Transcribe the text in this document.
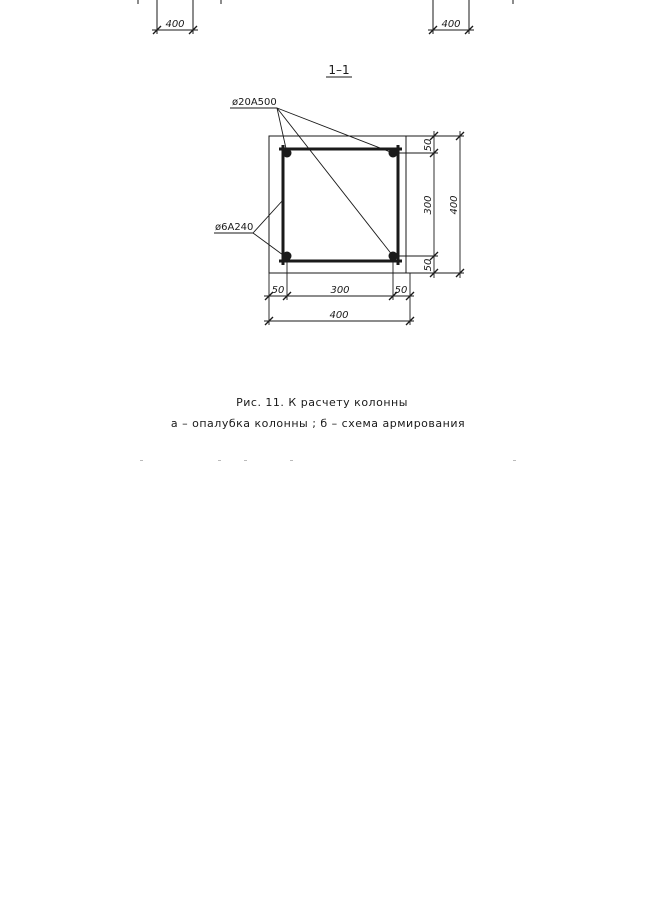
400	400
1–1
ø20А500
ø6А240
50	300	50
400
50
300
50
400
Рис. 11. К расчету колонны
а – опалубка колонны ; б – схема армирования
